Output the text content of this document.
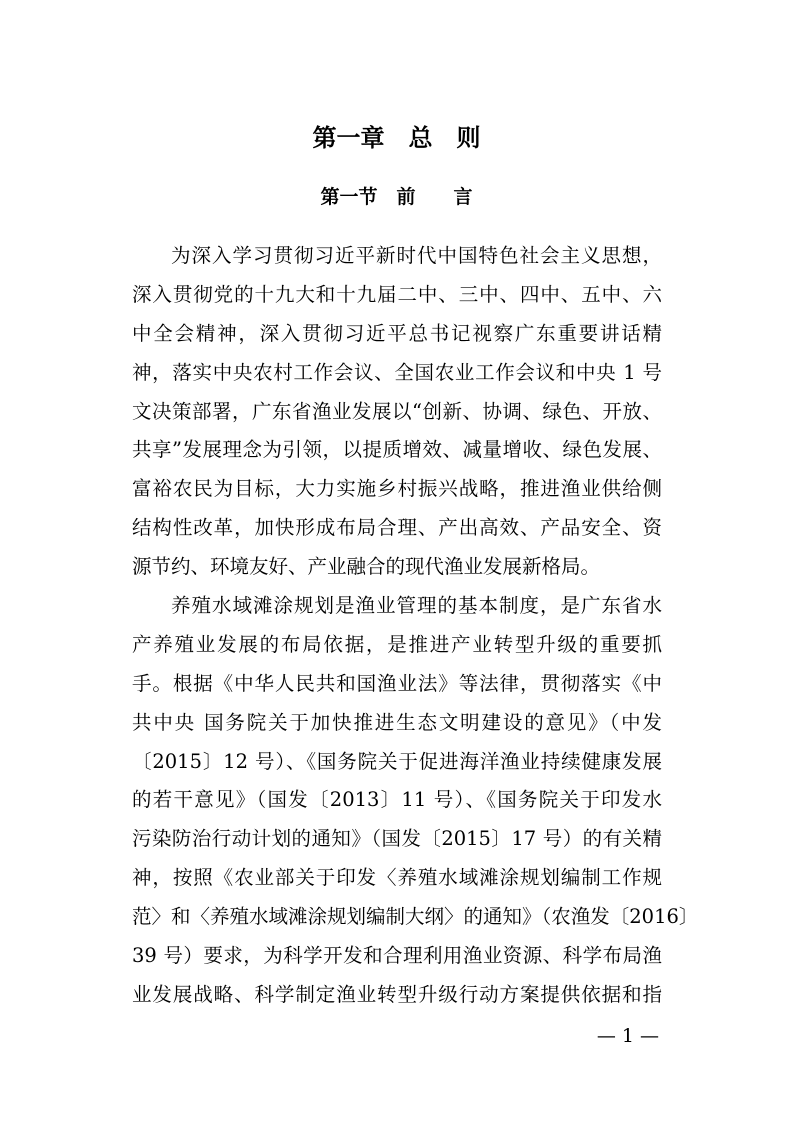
第一章　总　则
第一节　前　　言
为深入学习贯彻习近平新时代中国特色社会主义思想，
深入贯彻党的十九大和十九届二中、三中、四中、五中、六
中全会精神，深入贯彻习近平总书记视察广东重要讲话精
神，落实中央农村工作会议、全国农业工作会议和中央 1 号
文决策部署，广东省渔业发展以“创新、协调、绿色、开放、
共享”发展理念为引领，以提质增效、减量增收、绿色发展、
富裕农民为目标，大力实施乡村振兴战略，推进渔业供给侧
结构性改革，加快形成布局合理、产出高效、产品安全、资
源节约、环境友好、产业融合的现代渔业发展新格局。
养殖水域滩涂规划是渔业管理的基本制度，是广东省水
产养殖业发展的布局依据，是推进产业转型升级的重要抓
手。根据《中华人民共和国渔业法》等法律，贯彻落实《中
共中央 国务院关于加快推进生态文明建设的意见》（中发
〔2015〕12 号）、《国务院关于促进海洋渔业持续健康发展
的若干意见》（国发〔2013〕11 号）、《国务院关于印发水
污染防治行动计划的通知》（国发〔2015〕17 号）的有关精
神，按照《农业部关于印发〈养殖水域滩涂规划编制工作规
范〉和〈养殖水域滩涂规划编制大纲〉的通知》（农渔发〔2016〕
39 号）要求，为科学开发和合理利用渔业资源、科学布局渔
业发展战略、科学制定渔业转型升级行动方案提供依据和指
— 1 —
